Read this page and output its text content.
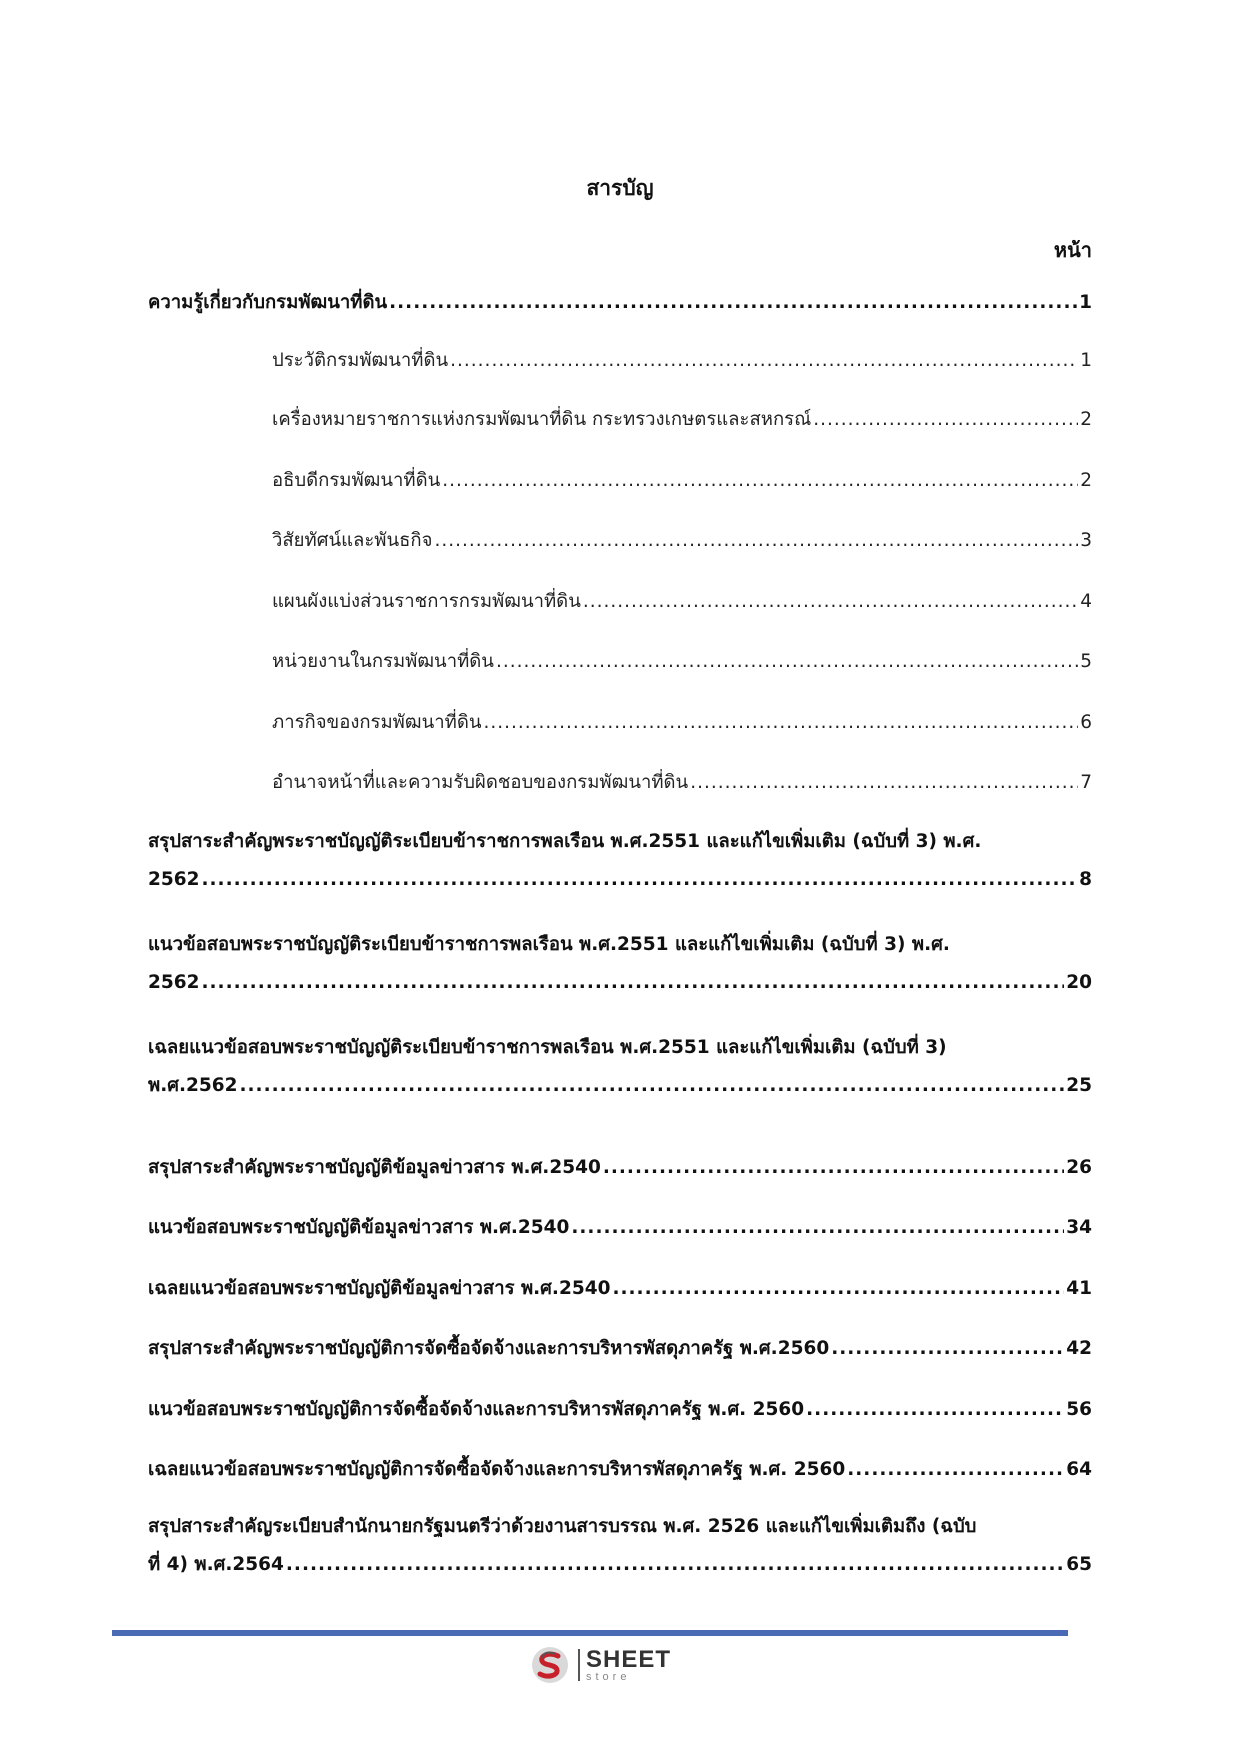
สารบัญ
หน้า
ความรู้เกี่ยวกับกรมพัฒนาที่ดิน .....	1
ประวัติกรมพัฒนาที่ดิน .....	1
เครื่องหมายราชการแห่งกรมพัฒนาที่ดิน กระทรวงเกษตรและสหกรณ์ .....	2
อธิบดีกรมพัฒนาที่ดิน .....	2
วิสัยทัศน์และพันธกิจ .....	3
แผนผังแบ่งส่วนราชการกรมพัฒนาที่ดิน .....	4
หน่วยงานในกรมพัฒนาที่ดิน .....	5
ภารกิจของกรมพัฒนาที่ดิน .....	6
อำนาจหน้าที่และความรับผิดชอบของกรมพัฒนาที่ดิน .....	7
สรุปสาระสำคัญพระราชบัญญัติระเบียบข้าราชการพลเรือน พ.ศ.2551 และแก้ไขเพิ่มเติม (ฉบับที่ 3) พ.ศ.
2562 .....	8
แนวข้อสอบพระราชบัญญัติระเบียบข้าราชการพลเรือน พ.ศ.2551 และแก้ไขเพิ่มเติม (ฉบับที่ 3) พ.ศ.
2562 .....	20
เฉลยแนวข้อสอบพระราชบัญญัติระเบียบข้าราชการพลเรือน พ.ศ.2551 และแก้ไขเพิ่มเติม (ฉบับที่ 3)
พ.ศ.2562 .....	25
สรุปสาระสำคัญพระราชบัญญัติข้อมูลข่าวสาร พ.ศ.2540 .....	26
แนวข้อสอบพระราชบัญญัติข้อมูลข่าวสาร พ.ศ.2540 .....	34
เฉลยแนวข้อสอบพระราชบัญญัติข้อมูลข่าวสาร พ.ศ.2540 .....	41
สรุปสาระสำคัญพระราชบัญญัติการจัดซื้อจัดจ้างและการบริหารพัสดุภาครัฐ พ.ศ.2560 .....	42
แนวข้อสอบพระราชบัญญัติการจัดซื้อจัดจ้างและการบริหารพัสดุภาครัฐ พ.ศ. 2560 .....	56
เฉลยแนวข้อสอบพระราชบัญญัติการจัดซื้อจัดจ้างและการบริหารพัสดุภาครัฐ พ.ศ. 2560 .....	64
สรุปสาระสำคัญระเบียบสำนักนายกรัฐมนตรีว่าด้วยงานสารบรรณ พ.ศ. 2526 และแก้ไขเพิ่มเติมถึง (ฉบับ
ที่ 4) พ.ศ.2564 .....	65
SHEET
store
